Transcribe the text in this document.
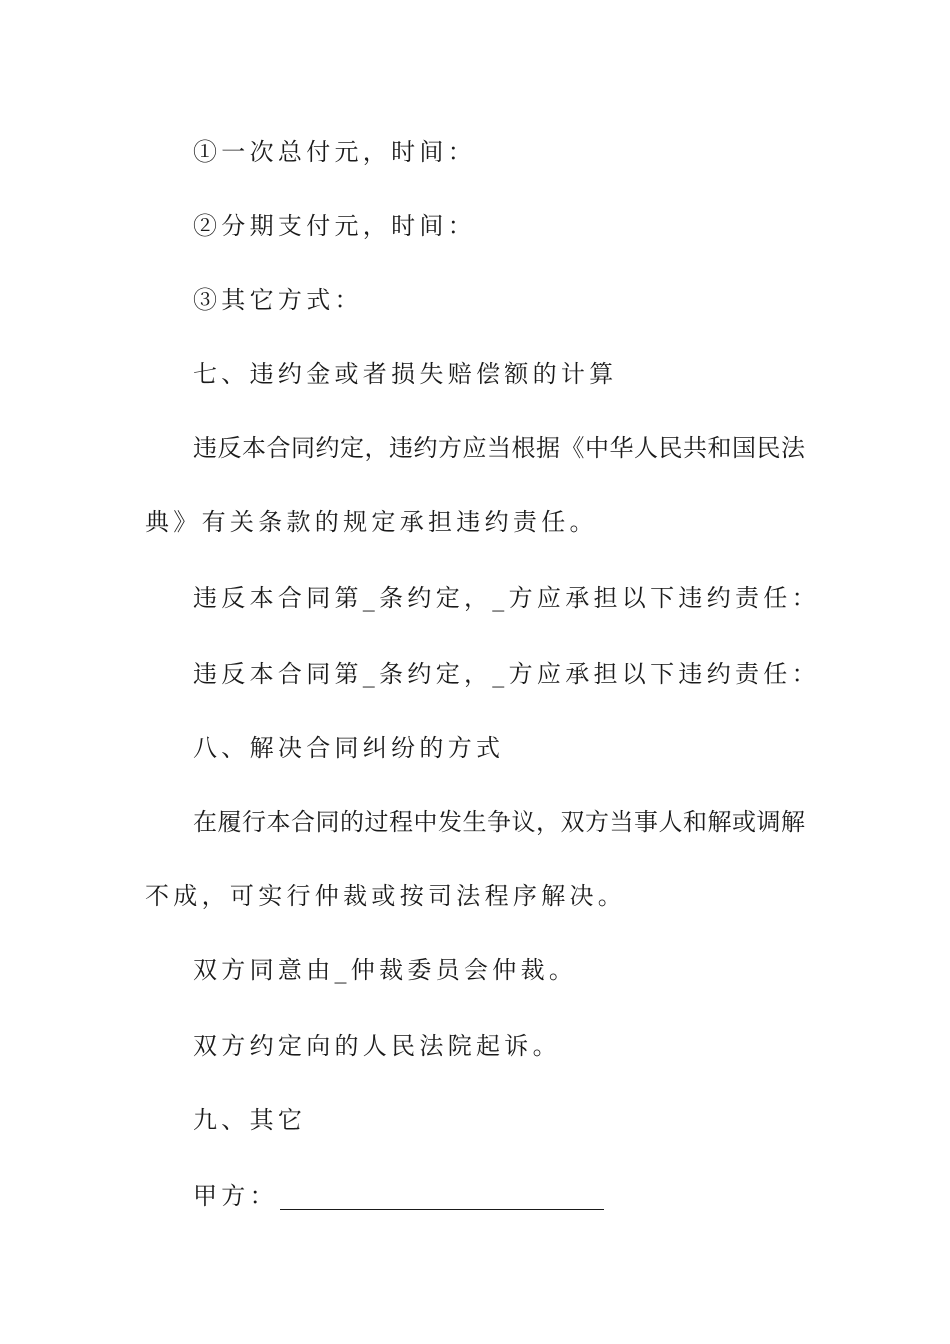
①一次总付元，时间：
②分期支付元，时间：
③其它方式：
七、违约金或者损失赔偿额的计算
违 反 本 合 同 约 定 ， 违 约 方 应 当 根 据 《 中 华 人 民 共 和 国 民 法
典》有关条款的规定承担违约责任。
违反本合同第_条约定，_方应承担以下违约责任：
违反本合同第_条约定，_方应承担以下违约责任：
八、解决合同纠纷的方式
在 履 行 本 合 同 的 过 程 中 发 生 争 议 ， 双 方 当 事 人 和 解 或 调 解
不成，可实行仲裁或按司法程序解决。
双方同意由_仲裁委员会仲裁。
双方约定向的人民法院起诉。
九、其它
甲方：
